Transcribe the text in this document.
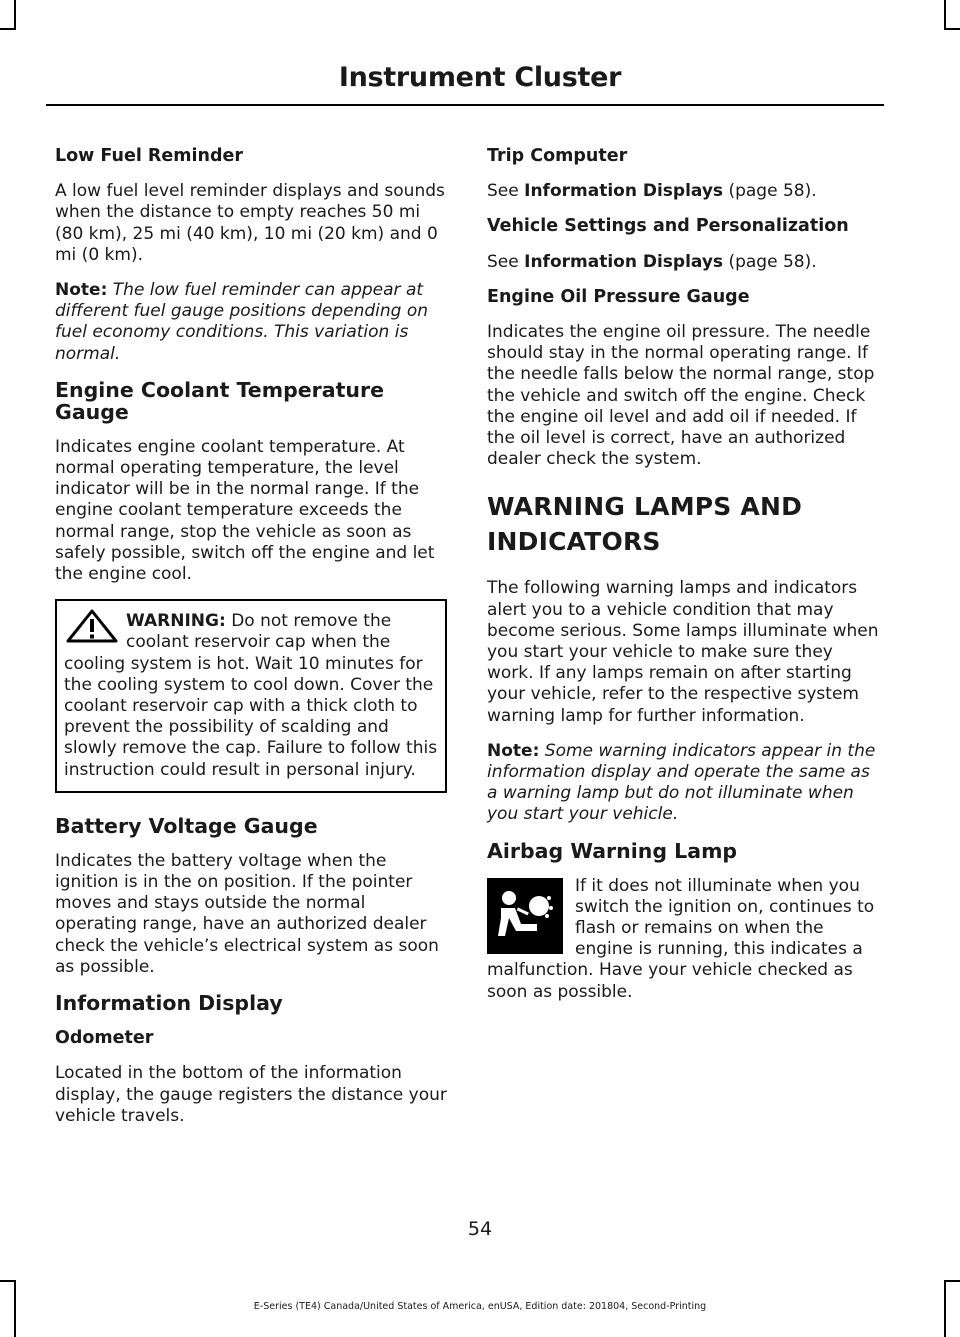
Instrument Cluster

Low Fuel Reminder

A low fuel level reminder displays and sounds when the distance to empty reaches 50 mi (80 km), 25 mi (40 km), 10 mi (20 km) and 0 mi (0 km).

Note: The low fuel reminder can appear at different fuel gauge positions depending on fuel economy conditions. This variation is normal.

Engine Coolant Temperature Gauge

Indicates engine coolant temperature. At normal operating temperature, the level indicator will be in the normal range. If the engine coolant temperature exceeds the normal range, stop the vehicle as soon as safely possible, switch off the engine and let the engine cool.

WARNING: Do not remove the coolant reservoir cap when the cooling system is hot. Wait 10 minutes for the cooling system to cool down. Cover the coolant reservoir cap with a thick cloth to prevent the possibility of scalding and slowly remove the cap. Failure to follow this instruction could result in personal injury.

Battery Voltage Gauge

Indicates the battery voltage when the ignition is in the on position. If the pointer moves and stays outside the normal operating range, have an authorized dealer check the vehicle’s electrical system as soon as possible.

Information Display

Odometer

Located in the bottom of the information display, the gauge registers the distance your vehicle travels.

Trip Computer

See Information Displays (page 58).

Vehicle Settings and Personalization

See Information Displays (page 58).

Engine Oil Pressure Gauge

Indicates the engine oil pressure. The needle should stay in the normal operating range. If the needle falls below the normal range, stop the vehicle and switch off the engine. Check the engine oil level and add oil if needed. If the oil level is correct, have an authorized dealer check the system.

WARNING LAMPS AND
INDICATORS

The following warning lamps and indicators alert you to a vehicle condition that may become serious. Some lamps illuminate when you start your vehicle to make sure they work. If any lamps remain on after starting your vehicle, refer to the respective system warning lamp for further information.

Note: Some warning indicators appear in the information display and operate the same as a warning lamp but do not illuminate when you start your vehicle.

Airbag Warning Lamp

If it does not illuminate when you switch the ignition on, continues to flash or remains on when the engine is running, this indicates a malfunction. Have your vehicle checked as soon as possible.

54
E-Series (TE4) Canada/United States of America, enUSA, Edition date: 201804, Second-Printing
